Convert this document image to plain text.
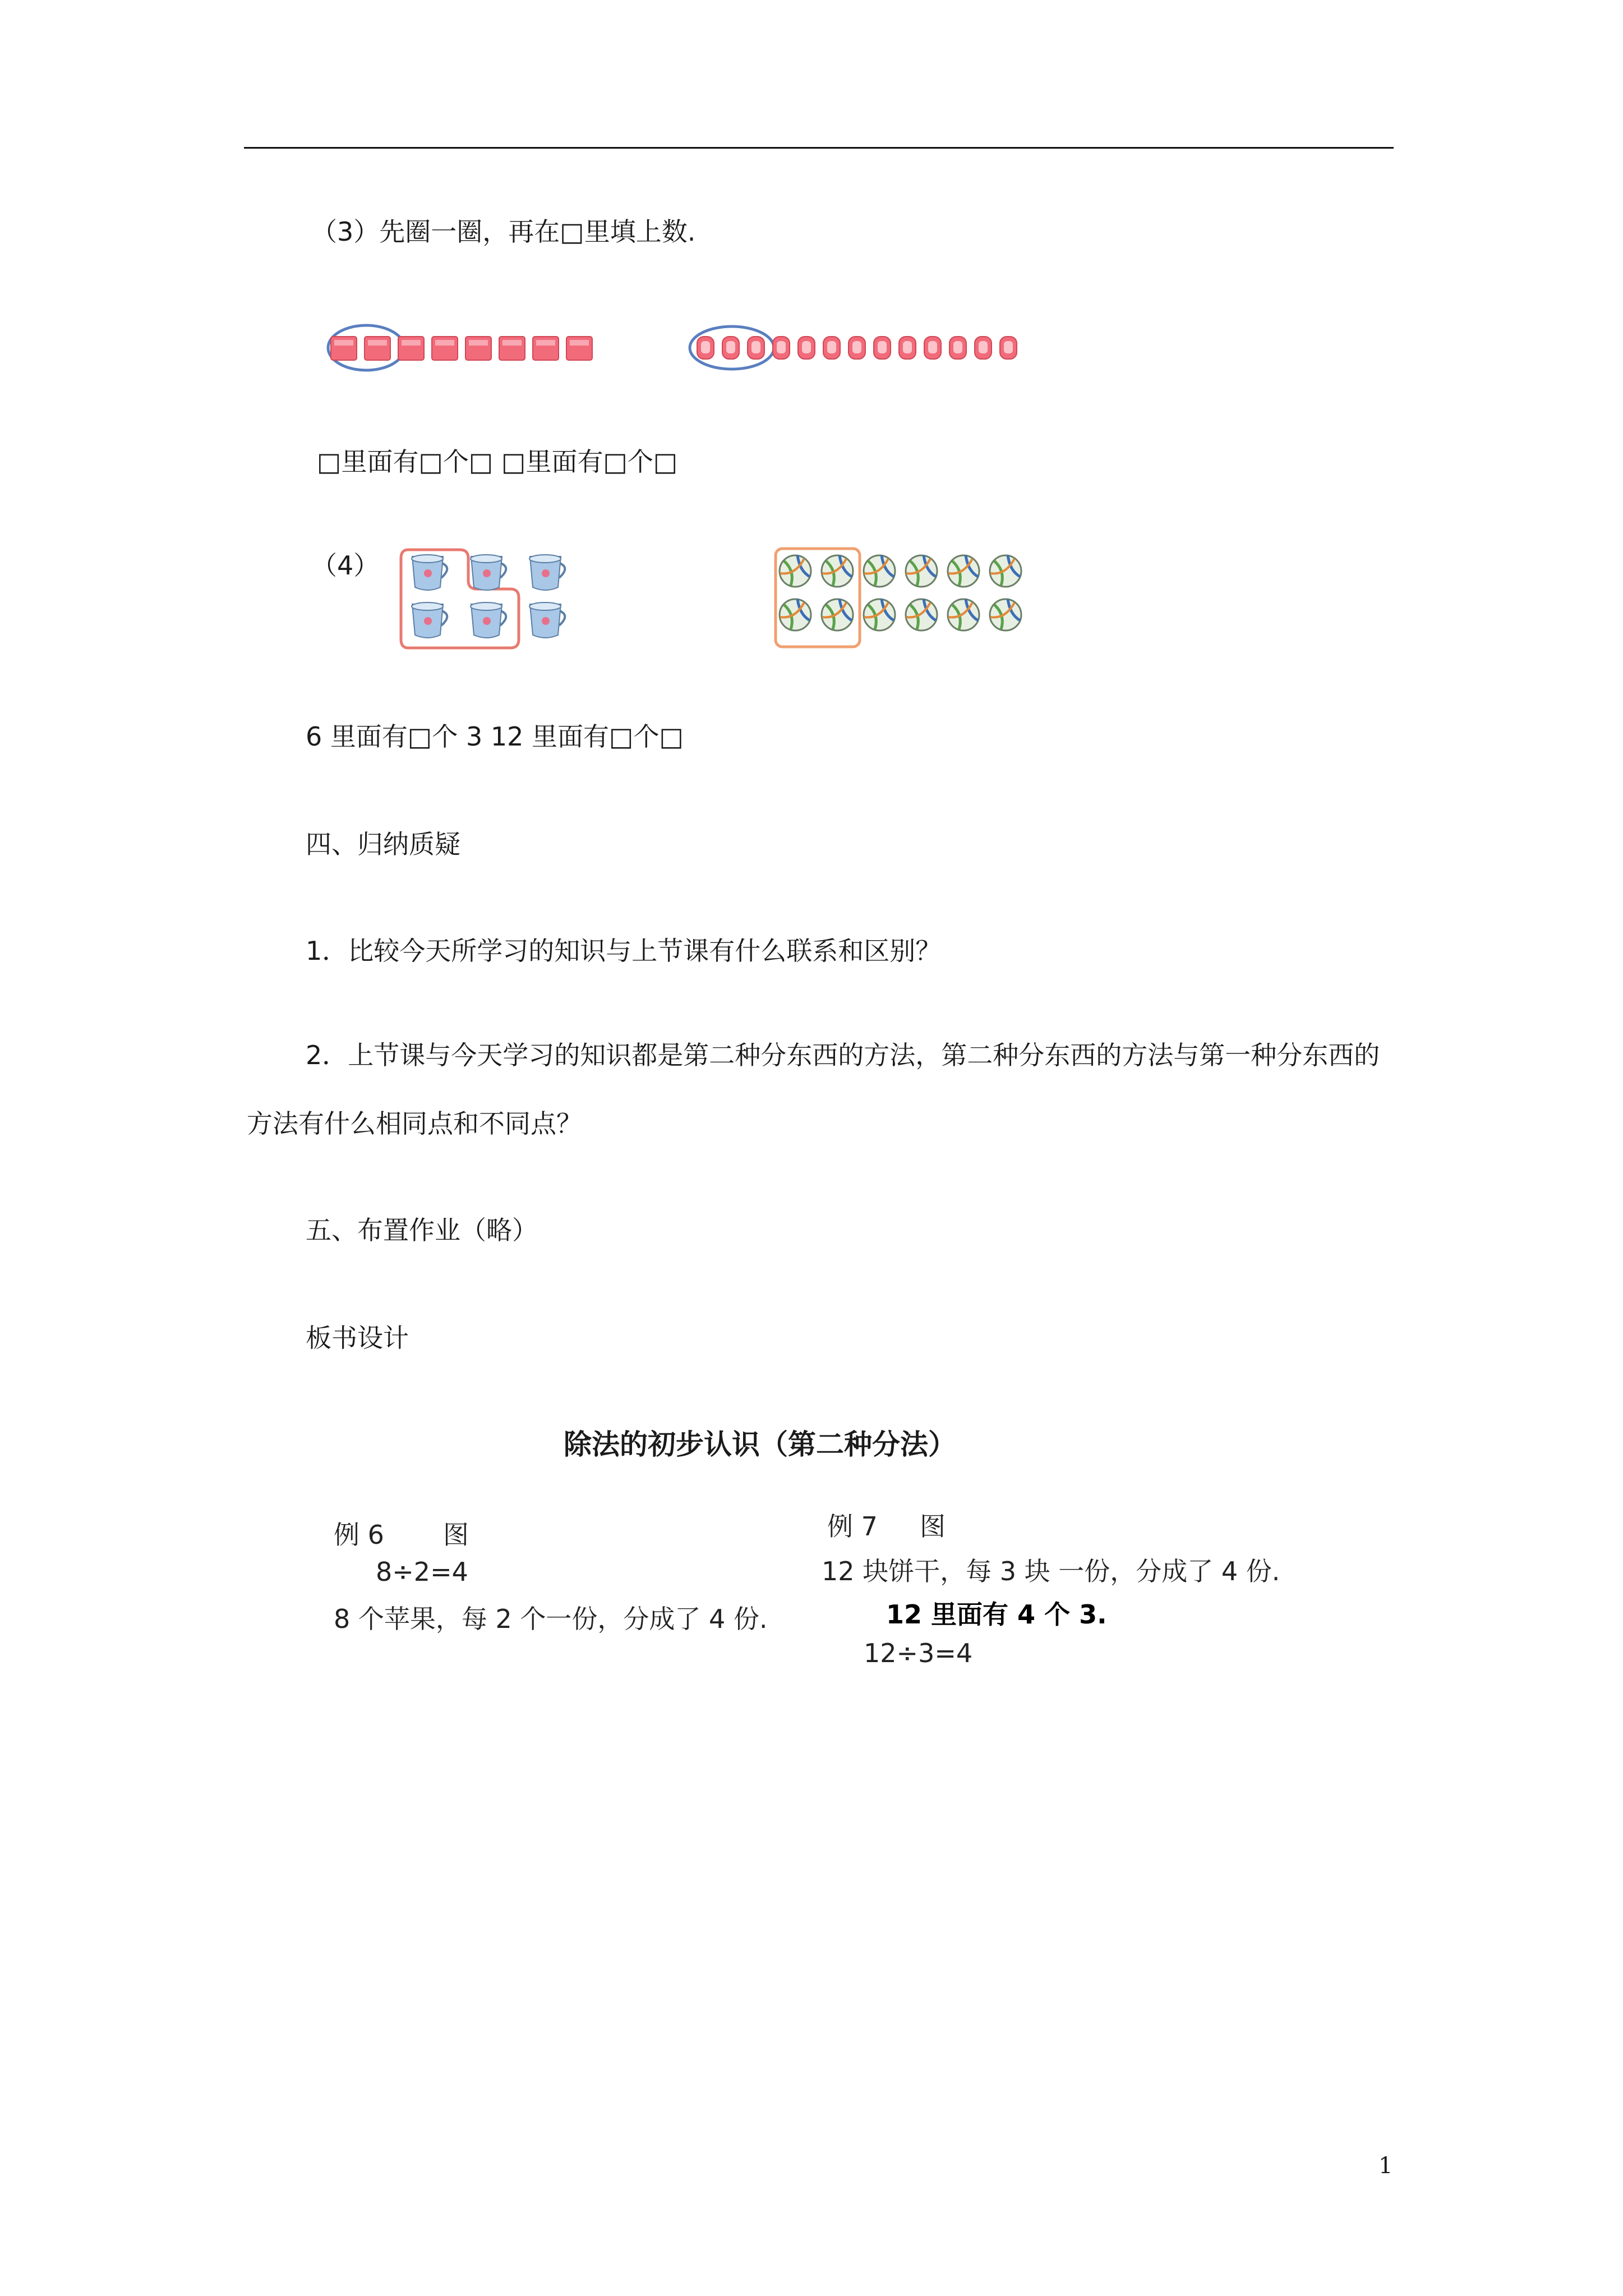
（3）先圈一圈，再在□里填上数.
□里面有□个□ □里面有□个□
（4）
6 里面有□个 3 12 里面有□个□
四、归纳质疑
1．比较今天所学习的知识与上节课有什么联系和区别？
2．上节课与今天学习的知识都是第二种分东西的方法，第二种分东西的方法与第一种分东西的方法有什么相同点和不同点？
五、布置作业（略）
板书设计
除法的初步认识（第二种分法）
例 6 图
8÷2=4
8 个苹果，每 2 个一份，分成了 4 份.
例 7 图
12 块饼干，每 3 块 一份，分成了 4 份.
12 里面有 4 个 3.
12÷3=4
1
